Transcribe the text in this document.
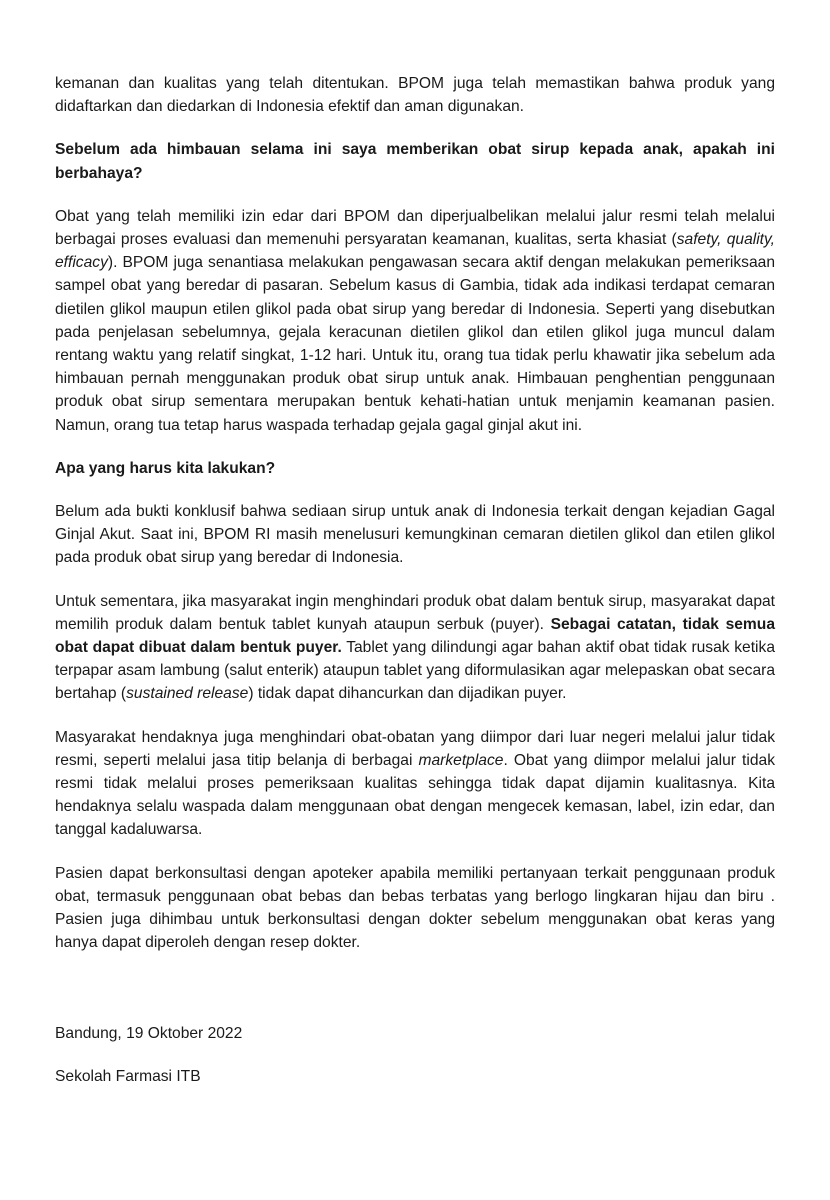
kemanan dan kualitas yang telah ditentukan. BPOM juga telah memastikan bahwa produk yang didaftarkan dan diedarkan di Indonesia efektif dan aman digunakan.

Sebelum ada himbauan selama ini saya memberikan obat sirup kepada anak, apakah ini berbahaya?

Obat yang telah memiliki izin edar dari BPOM dan diperjualbelikan melalui jalur resmi telah melalui berbagai proses evaluasi dan memenuhi persyaratan keamanan, kualitas, serta khasiat (safety, quality, efficacy). BPOM juga senantiasa melakukan pengawasan secara aktif dengan melakukan pemeriksaan sampel obat yang beredar di pasaran. Sebelum kasus di Gambia, tidak ada indikasi terdapat cemaran dietilen glikol maupun etilen glikol pada obat sirup yang beredar di Indonesia. Seperti yang disebutkan pada penjelasan sebelumnya, gejala keracunan dietilen glikol dan etilen glikol juga muncul dalam rentang waktu yang relatif singkat, 1-12 hari. Untuk itu, orang tua tidak perlu khawatir jika sebelum ada himbauan pernah menggunakan produk obat sirup untuk anak. Himbauan penghentian penggunaan produk obat sirup sementara merupakan bentuk kehati-hatian untuk menjamin keamanan pasien. Namun, orang tua tetap harus waspada terhadap gejala gagal ginjal akut ini.

Apa yang harus kita lakukan?

Belum ada bukti konklusif bahwa sediaan sirup untuk anak di Indonesia terkait dengan kejadian Gagal Ginjal Akut. Saat ini, BPOM RI masih menelusuri kemungkinan cemaran dietilen glikol dan etilen glikol pada produk obat sirup yang beredar di Indonesia.

Untuk sementara, jika masyarakat ingin menghindari produk obat dalam bentuk sirup, masyarakat dapat memilih produk dalam bentuk tablet kunyah ataupun serbuk (puyer). Sebagai catatan, tidak semua obat dapat dibuat dalam bentuk puyer. Tablet yang dilindungi agar bahan aktif obat tidak rusak ketika terpapar asam lambung (salut enterik) ataupun tablet yang diformulasikan agar melepaskan obat secara bertahap (sustained release) tidak dapat dihancurkan dan dijadikan puyer.

Masyarakat hendaknya juga menghindari obat-obatan yang diimpor dari luar negeri melalui jalur tidak resmi, seperti melalui jasa titip belanja di berbagai marketplace. Obat yang diimpor melalui jalur tidak resmi tidak melalui proses pemeriksaan kualitas sehingga tidak dapat dijamin kualitasnya. Kita hendaknya selalu waspada dalam menggunaan obat dengan mengecek kemasan, label, izin edar, dan tanggal kadaluwarsa.

Pasien dapat berkonsultasi dengan apoteker apabila memiliki pertanyaan terkait penggunaan produk obat, termasuk penggunaan obat bebas dan bebas terbatas yang berlogo lingkaran hijau dan biru . Pasien juga dihimbau untuk berkonsultasi dengan dokter sebelum menggunakan obat keras yang hanya dapat diperoleh dengan resep dokter.

Bandung, 19 Oktober 2022

Sekolah Farmasi ITB
